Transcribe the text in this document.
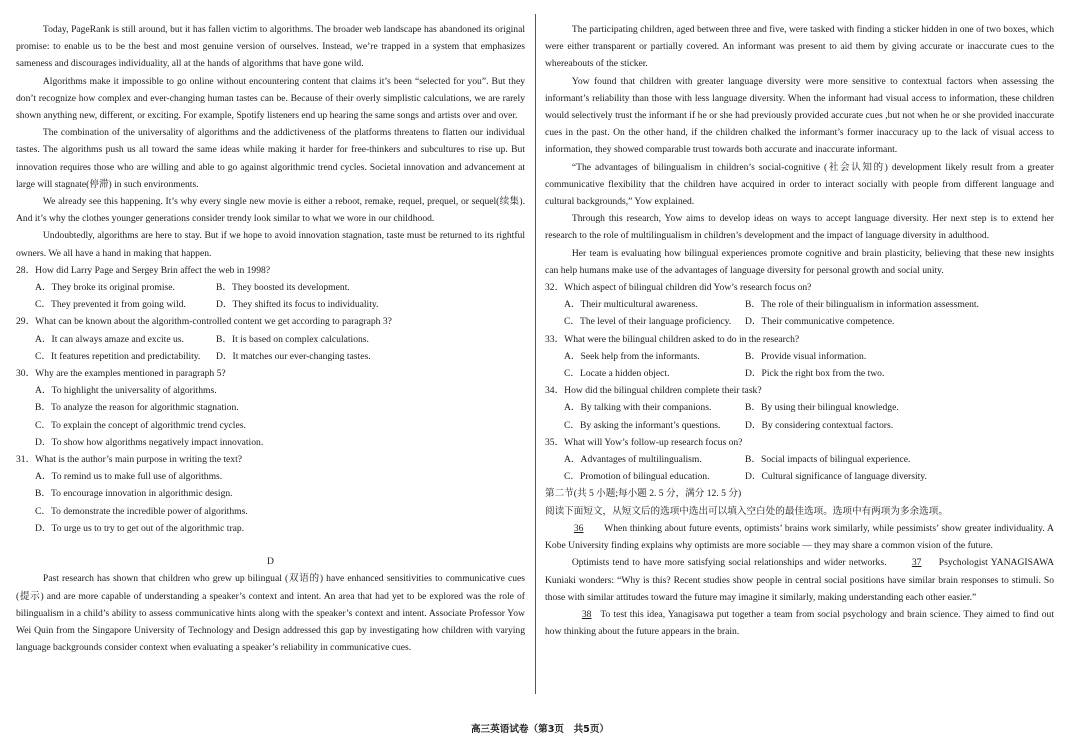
Today, PageRank is still around, but it has fallen victim to algorithms. The broader web landscape has abandoned its original promise: to enable us to be the best and most genuine version of ourselves. Instead, we’re trapped in a system that emphasizes sameness and discourages individuality, all at the hands of algorithms that have gone wild.

Algorithms make it impossible to go online without encountering content that claims it’s been “selected for you”. But they don’t recognize how complex and ever-changing human tastes can be. Because of their overly simplistic calculations, we are rarely shown anything new, different, or exciting. For example, Spotify listeners end up hearing the same songs and artists over and over.

The combination of the universality of algorithms and the addictiveness of the platforms threatens to flatten our individual tastes. The algorithms push us all toward the same ideas while making it harder for free-thinkers and subcultures to rise up. But innovation requires those who are willing and able to go against algorithmic trend cycles. Societal innovation and advancement at large will stagnate(停滞) in such environments.

We already see this happening. It’s why every single new movie is either a reboot, remake, requel, prequel, or sequel(续集). And it’s why the clothes younger generations consider trendy look similar to what we wore in our childhood.

Undoubtedly, algorithms are here to stay. But if we hope to avoid innovation stagnation, taste must be returned to its rightful owners. We all have a hand in making that happen.

28．How did Larry Page and Sergey Brin affect the web in 1998?
A．They broke its original promise.	B．They boosted its development.
C．They prevented it from going wild.	D．They shifted its focus to individuality.
29．What can be known about the algorithm-controlled content we get according to paragraph 3?
A．It can always amaze and excite us.	B．It is based on complex calculations.
C．It features repetition and predictability.	D．It matches our ever-changing tastes.
30．Why are the examples mentioned in paragraph 5?
A．To highlight the universality of algorithms.
B．To analyze the reason for algorithmic stagnation.
C．To explain the concept of algorithmic trend cycles.
D．To show how algorithms negatively impact innovation.
31．What is the author’s main purpose in writing the text?
A．To remind us to make full use of algorithms.
B．To encourage innovation in algorithmic design.
C．To demonstrate the incredible power of algorithms.
D．To urge us to try to get out of the algorithmic trap.
D

Past research has shown that children who grew up bilingual (双语的) have enhanced sensitivities to communicative cues (提示) and are more capable of understanding a speaker’s context and intent. An area that had yet to be explored was the role of bilingualism in a child’s ability to assess communicative hints along with the speaker’s context and intent. Associate Professor Yow Wei Quin from the Singapore University of Technology and Design addressed this gap by investigating how children with varying language backgrounds consider context when evaluating a speaker’s reliability in communicative cues.

The participating children, aged between three and five, were tasked with finding a sticker hidden in one of two boxes, which were either transparent or partially covered. An informant was present to aid them by giving accurate or inaccurate cues to the whereabouts of the sticker.

Yow found that children with greater language diversity were more sensitive to contextual factors when assessing the informant’s reliability than those with less language diversity. When the informant had visual access to information, these children would selectively trust the informant if he or she had previously provided accurate cues ,but not when he or she provided inaccurate cues in the past. On the other hand, if the children chalked the informant’s former inaccuracy up to the lack of visual access to information, they showed comparable trust towards both accurate and inaccurate informant.

“The advantages of bilingualism in children’s social-cognitive (社会认知的) development likely result from a greater communicative flexibility that the children have acquired in order to interact socially with people from different language and cultural backgrounds,” Yow explained.

Through this research, Yow aims to develop ideas on ways to accept language diversity. Her next step is to extend her research to the role of multilingualism in children’s development and the impact of language diversity in adulthood.

Her team is evaluating how bilingual experiences promote cognitive and brain plasticity, believing that these new insights can help humans make use of the advantages of language diversity for personal growth and social unity.

32．Which aspect of bilingual children did Yow’s research focus on?
A．Their multicultural awareness.	B．The role of their bilingualism in information assessment.
C．The level of their language proficiency.	D．Their communicative competence.
33．What were the bilingual children asked to do in the research?
A．Seek help from the informants.	B．Provide visual information.
C．Locate a hidden object.	D．Pick the right box from the two.
34．How did the bilingual children complete their task?
A．By talking with their companions.	B．By using their bilingual knowledge.
C．By asking the informant’s questions.	D．By considering contextual factors.
35．What will Yow’s follow-up research focus on?
A．Advantages of multilingualism.	B．Social impacts of bilingual experience.
C．Promotion of bilingual education.	D．Cultural significance of language diversity.
第二节(共 5 小题;每小题 2. 5 分，满分 12. 5 分)
阅读下面短文，从短文后的选项中选出可以填入空白处的最佳选项。选项中有两项为多余选项。

36 When thinking about future events, optimists’ brains work similarly, while pessimists’ show greater individuality. A Kobe University finding explains why optimists are more sociable — they may share a common vision of the future.

Optimists tend to have more satisfying social relationships and wider networks. 37 Psychologist YANAGISAWA Kuniaki wonders: “Why is this? Recent studies show people in central social positions have similar brain responses to stimuli. So those with similar attitudes toward the future may imagine it similarly, making understanding each other easier.”

38 To test this idea, Yanagisawa put together a team from social psychology and brain science. They aimed to find out how thinking about the future appears in the brain.

高三英语试卷（第3页　共5页）
